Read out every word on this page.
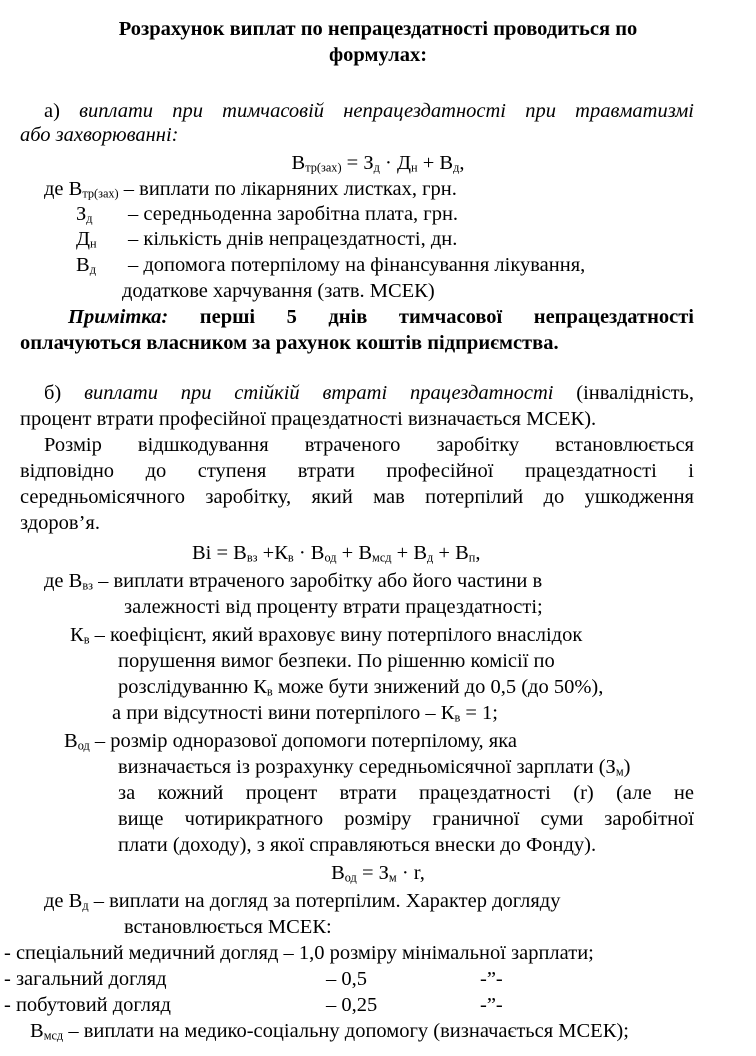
Розрахунок виплат по непрацездатності проводиться по
формулах:
а) виплати при тимчасовій непрацездатності при травматизмі
або захворюванні:
$В_{тр(зах)} = З_д \cdot Д_н + В_д$,
де $В_{тр(зах)}$ – виплати по лікарняних листках, грн.
$З_д$ – середньоденна заробітна плата, грн.
$Д_н$ – кількість днів непрацездатності, дн.
$В_д$ – допомога потерпілому на фінансування лікування,
додаткове харчування (затв. МСЕК)
Примітка: перші 5 днів тимчасової непрацездатності
оплачуються власником за рахунок коштів підприємства.
б) виплати при стійкій втраті працездатності (інвалідність,
процент втрати професійної працездатності визначається МСЕК).
Розмір відшкодування втраченого заробітку встановлюється
відповідно до ступеня втрати професійної працездатності і
середньомісячного заробітку, який мав потерпілий до ушкодження
здоров’я.
Ві = $В_{вз} +К_в \cdot В_{од} + В_{мсд} + В_д + В_п$,
де $В_{вз}$ – виплати втраченого заробітку або його частини в
залежності від проценту втрати працездатності;
$К_в$ – коефіцієнт, який враховує вину потерпілого внаслідок
порушення вимог безпеки. По рішенню комісії по
розслідуванню $К_в$ може бути знижений до 0,5 (до 50%),
а при відсутності вини потерпілого – $К_в = 1$;
$В_{од}$ – розмір одноразової допомоги потерпілому, яка
визначається із розрахунку середньомісячної зарплати $(З_м)$
за кожний процент втрати працездатності (r) (але не
вище чотирикратного розміру граничної суми заробітної
плати (доходу), з якої справляються внески до Фонду).
$В_{од} = З_м \cdot r$,
де $В_д$ – виплати на догляд за потерпілим. Характер догляду
встановлюється МСЕК:
- спеціальний медичний догляд – 1,0 розміру мінімальної зарплати;
- загальний догляд	– 0,5	-”-
- побутовий догляд	– 0,25	-”-
$В_{мсд}$ – виплати на медико-соціальну допомогу (визначається МСЕК);
